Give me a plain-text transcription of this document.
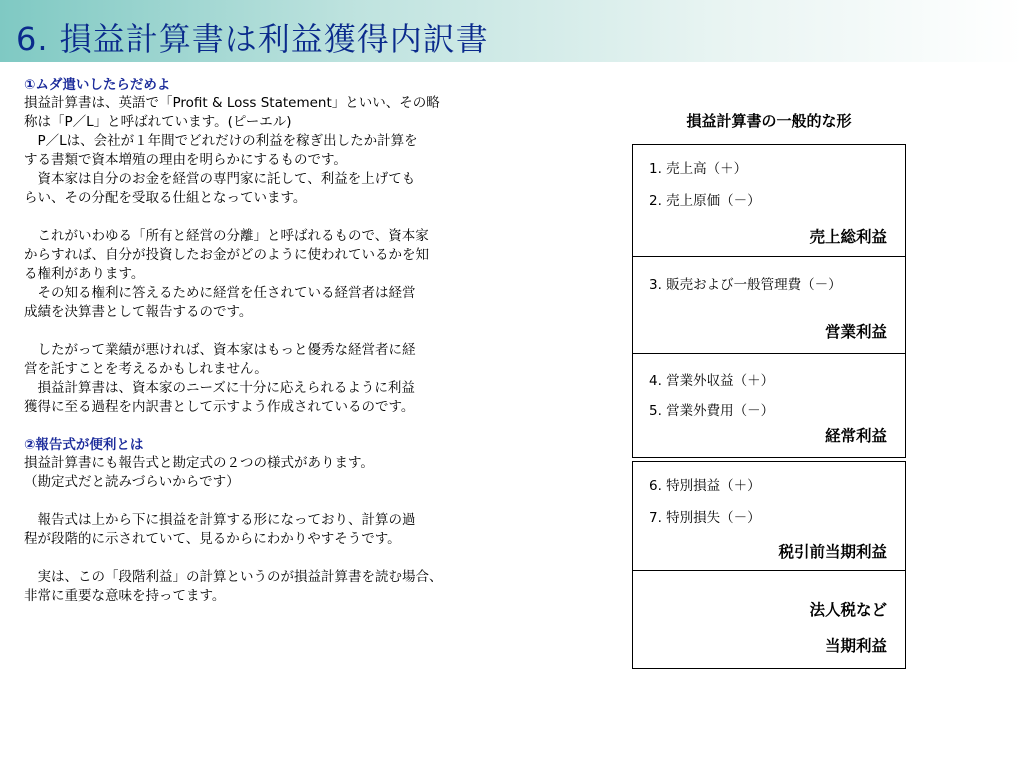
6. 損益計算書は利益獲得内訳書
①ムダ遣いしたらだめよ
損益計算書は、英語で「Profit & Loss Statement」といい、その略
称は「P／L」と呼ばれています。(ピーエル)
　P／Lは、会社が１年間でどれだけの利益を稼ぎ出したか計算を
する書類で資本増殖の理由を明らかにするものです。
　資本家は自分のお金を経営の専門家に託して、利益を上げても
らい、その分配を受取る仕組となっています。
　これがいわゆる「所有と経営の分離」と呼ばれるもので、資本家
からすれば、自分が投資したお金がどのように使われているかを知
る権利があります。
　その知る権利に答えるために経営を任されている経営者は経営
成績を決算書として報告するのです。
　したがって業績が悪ければ、資本家はもっと優秀な経営者に経
営を託すことを考えるかもしれません。
　損益計算書は、資本家のニーズに十分に応えられるように利益
獲得に至る過程を内訳書として示すよう作成されているのです。
②報告式が便利とは
損益計算書にも報告式と勘定式の２つの様式があります。
（勘定式だと読みづらいからです）
　報告式は上から下に損益を計算する形になっており、計算の過
程が段階的に示されていて、見るからにわかりやすそうです。
　実は、この「段階利益」の計算というのが損益計算書を読む場合、
非常に重要な意味を持ってます。
損益計算書の一般的な形
1. 売上高（＋）
2. 売上原価（－）
売上総利益
3. 販売および一般管理費（－）
営業利益
4. 営業外収益（＋）
5. 営業外費用（－）
経常利益
6. 特別損益（＋）
7. 特別損失（－）
税引前当期利益
法人税など
当期利益
